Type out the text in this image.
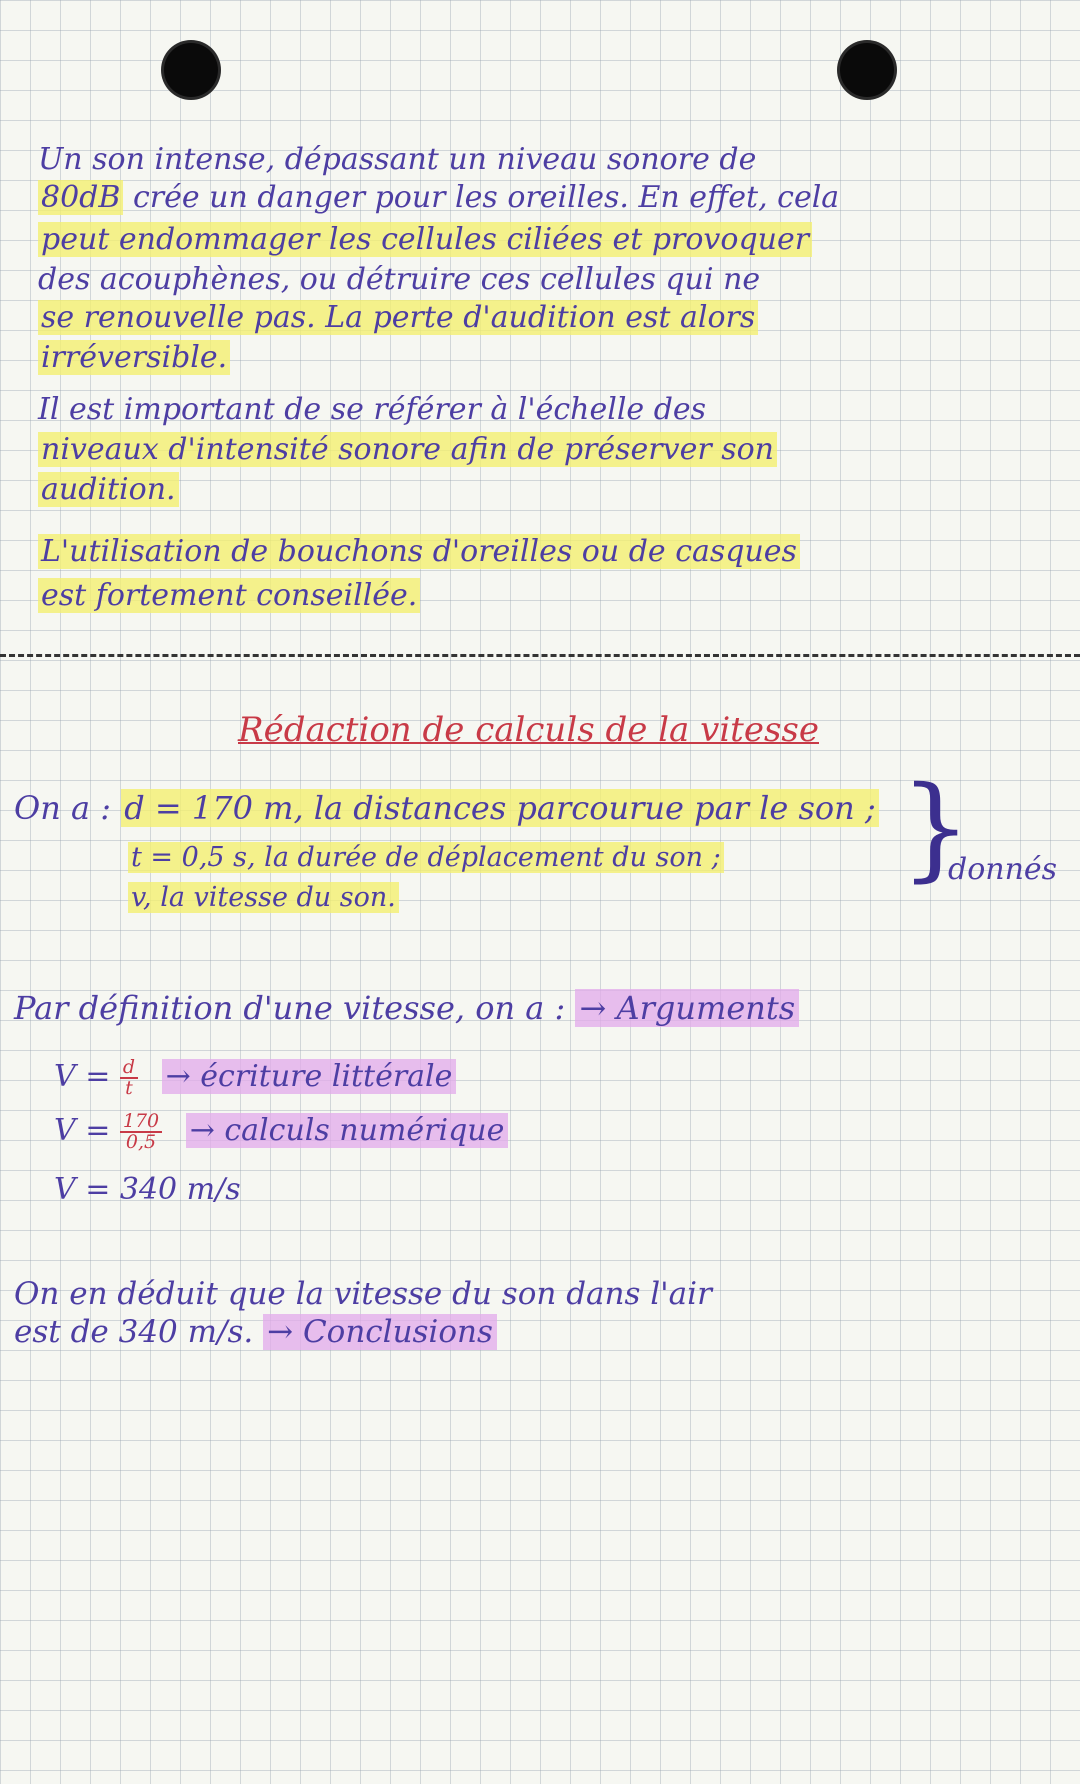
Un son intense, dépassant un niveau sonore de
80dB crée un danger pour les oreilles. En effet, cela
peut endommager les cellules ciliées et provoquer
des acouphènes, ou détruire ces cellules qui ne
se renouvelle pas. La perte d'audition est alors
irréversible.
Il est important de se référer à l'échelle des
niveaux d'intensité sonore afin de préserver son
audition.
L'utilisation de bouchons d'oreilles ou de casques
est fortement conseillée.
Rédaction de calculs de la vitesse
On a : d = 170 m, la distances parcourue par le son ;
t = 0,5 s, la durée de déplacement du son ;
v, la vitesse du son.
}
donnés
Par définition d'une vitesse, on a : → Arguments
$V = \frac{d}{t}$ → écriture littérale
$V = \frac{170}{0,5}$ → calculs numérique
V = 340 m/s
On en déduit que la vitesse du son dans l'air
est de 340 m/s. → Conclusions
